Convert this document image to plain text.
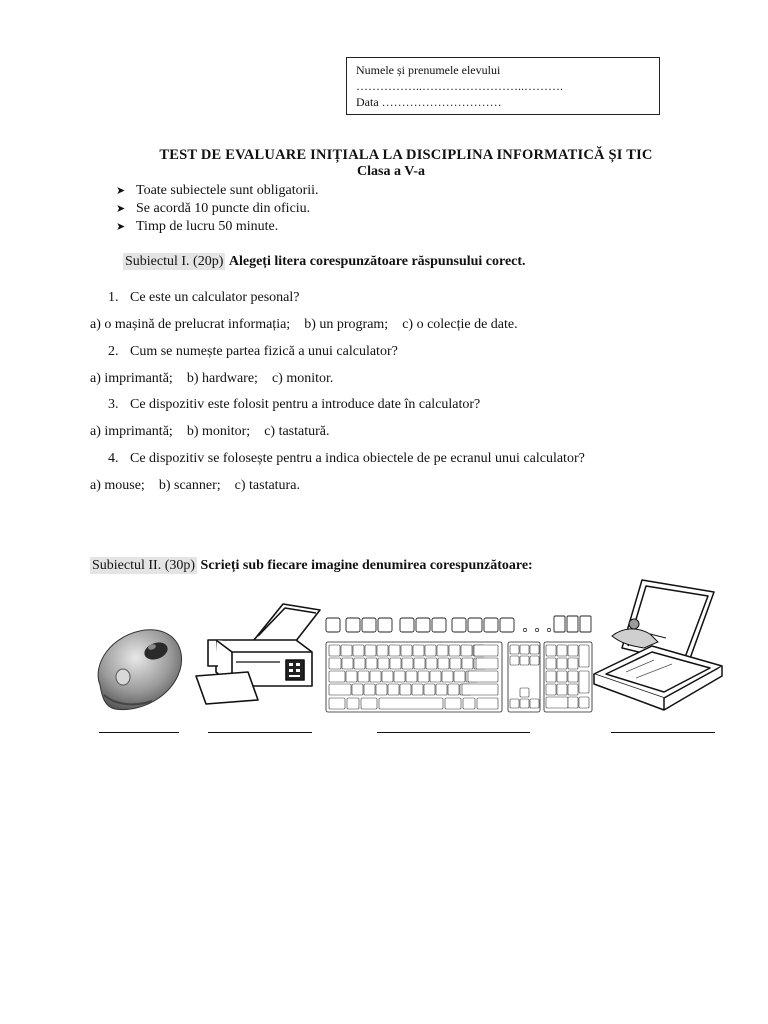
Numele și prenumele elevului
……………..……………………..……….
Data …………………………
TEST DE EVALUARE INIȚIALA LA DISCIPLINA INFORMATICĂ ȘI TIC
Clasa a V-a
➤ Toate subiectele sunt obligatorii.
➤ Se acordă 10 puncte din oficiu.
➤ Timp de lucru 50 minute.
Subiectul I. (20p) Alegeți litera corespunzătoare răspunsului corect.
1. Ce este un calculator pesonal?
a) o mașină de prelucrat informația; b) un program; c) o colecție de date.
2. Cum se numește partea fizică a unui calculator?
a) imprimantă; b) hardware; c) monitor.
3. Ce dispozitiv este folosit pentru a introduce date în calculator?
a) imprimantă; b) monitor; c) tastatură.
4. Ce dispozitiv se folosește pentru a indica obiectele de pe ecranul unui calculator?
a) mouse; b) scanner; c) tastatura.
Subiectul II. (30p) Scrieți sub fiecare imagine denumirea corespunzătoare:
